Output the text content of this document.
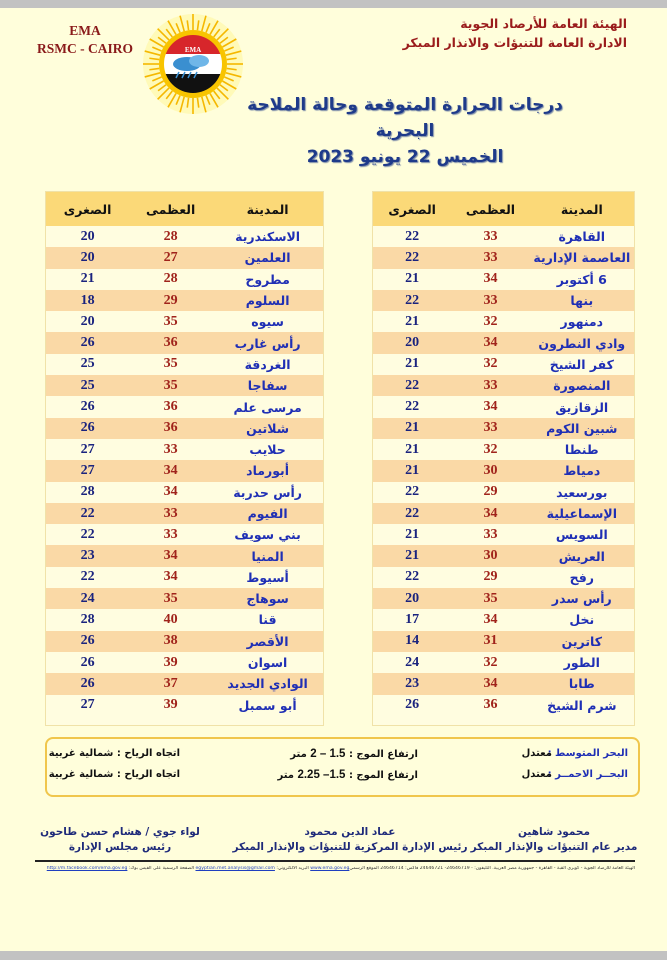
الهيئة العامة للأرصاد الجوية
الادارة العامة للتنبؤات والانذار المبكر
EMA
RSMC - CAIRO	EMA
درجات الحرارة المتوقعة وحالة الملاحة البحرية
الخميس 22 يونيو 2023
المدينة
العظمى
الصغرى
القاهرة
33
22
العاصمة الإدارية
33
22
6 أكتوبر
34
21
بنها
33
22
دمنهور
32
21
وادي النطرون
34
20
كفر الشيخ
32
21
المنصورة
33
22
الزقازيق
34
22
شبين الكوم
33
21
طنطا
32
21
دمياط
30
21
بورسعيد
29
22
الإسماعيلية
34
22
السويس
33
21
العريش
30
21
رفح
29
22
رأس سدر
35
20
نخل
34
17
كاترين
31
14
الطور
32
24
طابا
34
23
شرم الشيخ
36
26
المدينة
العظمى
الصغرى
الاسكندرية
28
20
العلمين
27
20
مطروح
28
21
السلوم
29
18
سيوه
35
20
رأس غارب
36
26
الغردقة
35
25
سفاجا
35
25
مرسى علم
36
26
شلاتين
36
26
حلايب
33
27
أبورماد
34
27
رأس حدربة
34
28
الفيوم
33
22
بني سويف
33
22
المنيا
34
23
أسيوط
34
22
سوهاج
35
24
قنا
40
28
الأقصر
38
26
اسوان
39
26
الوادي الجديد
37
26
أبو سمبل
39
27
البحر المتوسط :
معتدل
ارتفاع الموج : 1.5 – 2 متر
اتجاه الرياح : شمالية غربية
البحــر الاحمــر :
معتدل
ارتفاع الموج : 1.5– 2.25 متر
اتجاه الرياح : شمالية غربية
محمود شاهين
مدير عام التنبؤات والإنذار المبكر
عماد الدين محمود
رئيس الإدارة المركزية للتنبؤات والإنذار المبكر
لواء جوي / هشام حسن طاحون
رئيس مجلس الإدارة
الهيئة العامة للأرصاد الجوية - كوبري القبة - القاهرة - جمهورية مصر العربية. التليفون: - 24646719- 24646721 فاكس: 24646714 الموقع الرسميwww.ema.gov.eg البريد الالكتروني: egyptian.met.analysis@gmail.com الصفحة الرسمية على الفيس بوك: http://m.facebook.com/ema.gov.eg
